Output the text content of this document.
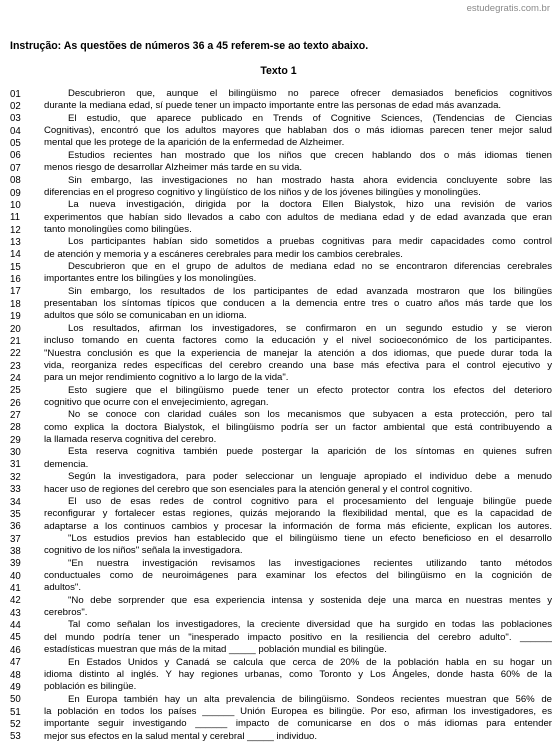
estudegratis.com.br
Instrução: As questões de números 36 a 45 referem-se ao texto abaixo.
Texto 1
01	Descubrieron que, aunque el bilingüismo no parece ofrecer demasiados beneficios cognitivos
02	durante la mediana edad, sí puede tener un impacto importante entre las personas de edad más avanzada.
03	El estudio, que aparece publicado en Trends of Cognitive Sciences, (Tendencias de Ciencias
04	Cognitivas), encontró que los adultos mayores que hablaban dos o más idiomas parecen tener mejor salud
05	mental que les protege de la aparición de la enfermedad de Alzheimer.
06	Estudios recientes han mostrado que los niños que crecen hablando dos o más idiomas tienen
07	menos riesgo de desarrollar Alzheimer más tarde en su vida.
08	Sin embargo, las investigaciones no han mostrado hasta ahora evidencia concluyente sobre las
09	diferencias en el progreso cognitivo y lingüístico de los niños y de los jóvenes bilingües y monolingües.
10	La nueva investigación, dirigida por la doctora Ellen Bialystok, hizo una revisión de varios
11	experimentos que habían sido llevados a cabo con adultos de mediana edad y de edad avanzada que eran
12	tanto monolingües como bilingües.
13	Los participantes habían sido sometidos a pruebas cognitivas para medir capacidades como control
14	de atención y memoria y a escáneres cerebrales para medir los cambios cerebrales.
15	Descubrieron que en el grupo de adultos de mediana edad no se encontraron diferencias cerebrales
16	importantes entre los bilingües y los monolingües.
17	Sin embargo, los resultados de los participantes de edad avanzada mostraron que los bilingües
18	presentaban los síntomas típicos que conducen a la demencia entre tres o cuatro años más tarde que los
19	adultos que sólo se comunicaban en un idioma.
20	Los resultados, afirman los investigadores, se confirmaron en un segundo estudio y se vieron
21	incluso tomando en cuenta factores como la educación y el nivel socioeconómico de los participantes.
22	"Nuestra conclusión es que la experiencia de manejar la atención a dos idiomas, que puede durar toda la
23	vida, reorganiza redes específicas del cerebro creando una base más efectiva para el control ejecutivo y
24	para un mejor rendimiento cognitivo a lo largo de la vida".
25	Esto sugiere que el bilingüismo puede tener un efecto protector contra los efectos del deterioro
26	cognitivo que ocurre con el envejecimiento, agregan.
27	No se conoce con claridad cuáles son los mecanismos que subyacen a esta protección, pero tal
28	como explica la doctora Bialystok, el bilingüismo podría ser un factor ambiental que está contribuyendo a
29	la llamada reserva cognitiva del cerebro.
30	Esta reserva cognitiva también puede postergar la aparición de los síntomas en quienes sufren
31	demencia.
32	Según la investigadora, para poder seleccionar un lenguaje apropiado el individuo debe a menudo
33	hacer uso de regiones del cerebro que son esenciales para la atención general y el control cognitivo.
34	El uso de esas redes de control cognitivo para el procesamiento del lenguaje bilingüe puede
35	reconfigurar y fortalecer estas regiones, quizás mejorando la flexibilidad mental, que es la capacidad de
36	adaptarse a los continuos cambios y procesar la información de forma más eficiente, explican los autores.
37	"Los estudios previos han establecido que el bilingüismo tiene un efecto beneficioso en el desarrollo
38	cognitivo de los niños" señala la investigadora.
39	"En nuestra investigación revisamos las investigaciones recientes utilizando tanto métodos
40	conductuales como de neuroimágenes para examinar los efectos del bilingüismo en la cognición de
41	adultos".
42	"No debe sorprender que esa experiencia intensa y sostenida deje una marca en nuestras mentes y
43	cerebros".
44	Tal como señalan los investigadores, la creciente diversidad que ha surgido en todas las poblaciones
45	del mundo podría tener un "inesperado impacto positivo en la resiliencia del cerebro adulto". ______
46	estadísticas muestran que más de la mitad _____ población mundial es bilingüe.
47	En Estados Unidos y Canadá se calcula que cerca de 20% de la población habla en su hogar un
48	idioma distinto al inglés. Y hay regiones urbanas, como Toronto y Los Ángeles, donde hasta 60% de la
49	población es bilingüe.
50	En Europa también hay un alta prevalencia de bilingüismo. Sondeos recientes muestran que 56% de
51	la población en todos los países ______ Unión Europea es bilingüe. Por eso, afirman los investigadores, es
52	importante seguir investigando ______ impacto de comunicarse en dos o más idiomas para entender
53	mejor sus efectos en la salud mental y cerebral _____ individuo.
